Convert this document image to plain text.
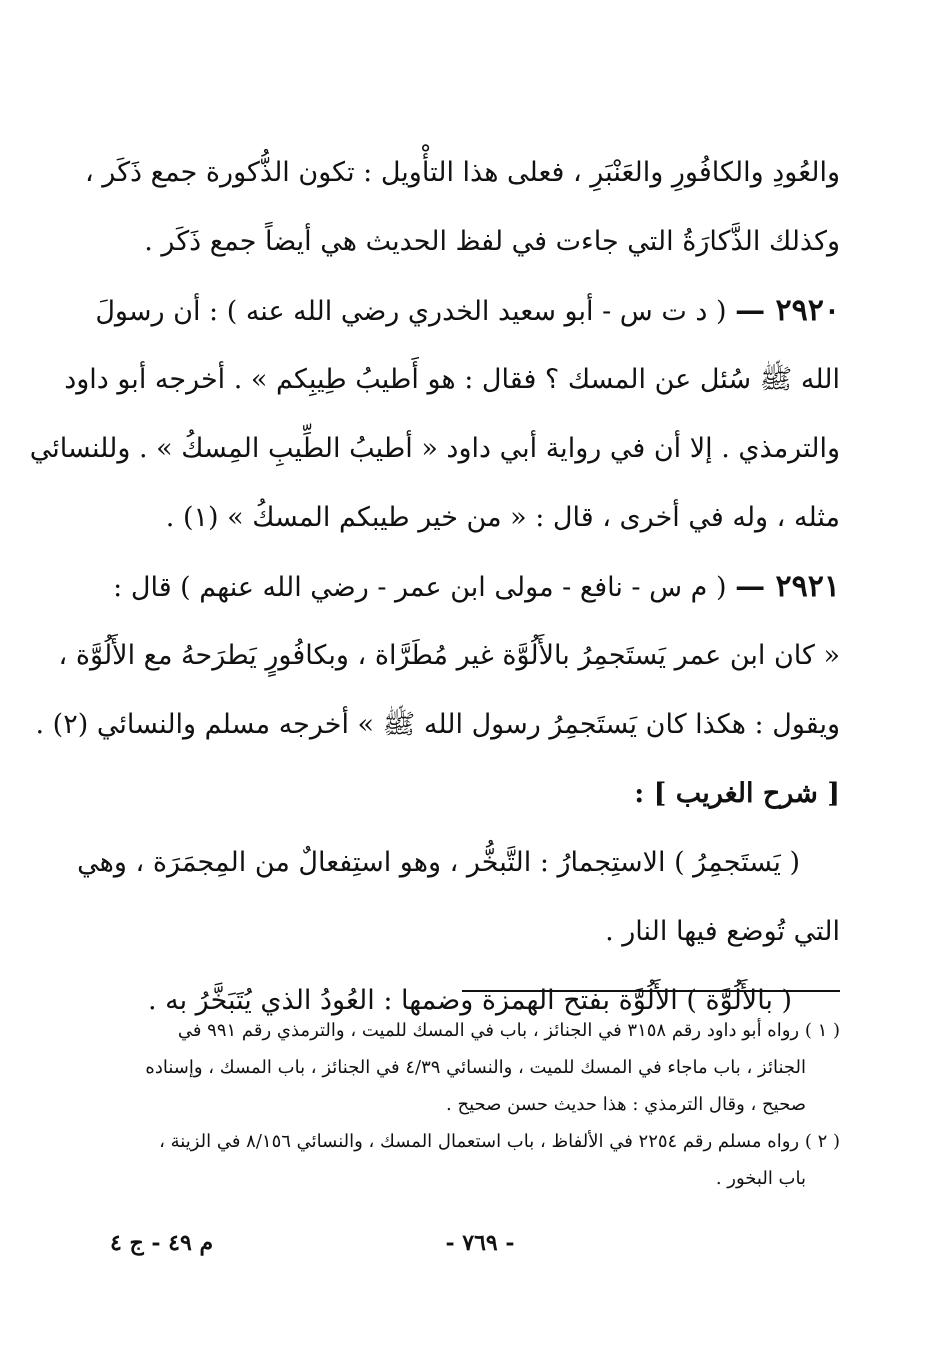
والعُودِ والكافُورِ والعَنْبَرِ ، فعلى هذا التأْويل : تكون الذُّكورة جمع ذَكَر ،
وكذلك الذَّكارَةُ التي جاءت في لفظ الحديث هي أيضاً جمع ذَكَر .
٢٩٢٠ — ( د ت س - أبو سعيد الخدري رضي الله عنه ) : أن رسولَ
الله ﷺ سُئل عن المسك ؟ فقال : هو أَطيبُ طِيبِكم » . أخرجه أبو داود
والترمذي . إلا أن في رواية أبي داود « أطيبُ الطِّيبِ المِسكُ » . وللنسائي
مثله ، وله في أخرى ، قال : « من خير طيبكم المسكُ » (١) .
٢٩٢١ — ( م س - نافع - مولى ابن عمر - رضي الله عنهم ) قال :
« كان ابن عمر يَستَجمِرُ بالأَلُوَّة غير مُطَرَّاة ، وبكافُورٍ يَطرَحهُ مع الأَلُوَّة ،
ويقول : هكذا كان يَستَجمِرُ رسول الله ﷺ » أخرجه مسلم والنسائي (٢) .
[ شرح الغريب ] :
( يَستَجمِرُ ) الاستِجمارُ : التَّبخُّر ، وهو استِفعالٌ من المِجمَرَة ، وهي
التي تُوضع فيها النار .
( بالأَلُوَّة ) الأَلُوَّة بفتح الهمزة وضمها : العُودُ الذي يُتَبَخَّرُ به .
( ١ ) رواه أبو داود رقم ٣١٥٨ في الجنائز ، باب في المسك للميت ، والترمذي رقم ٩٩١ في
الجنائز ، باب ماجاء في المسك للميت ، والنسائي ٤/٣٩ في الجنائز ، باب المسك ، وإسناده
صحيح ، وقال الترمذي : هذا حديث حسن صحيح .
( ٢ ) رواه مسلم رقم ٢٢٥٤ في الألفاظ ، باب استعمال المسك ، والنسائي ٨/١٥٦ في الزينة ،
باب البخور .
- ٧٦٩ -
م ٤٩ - ج ٤
